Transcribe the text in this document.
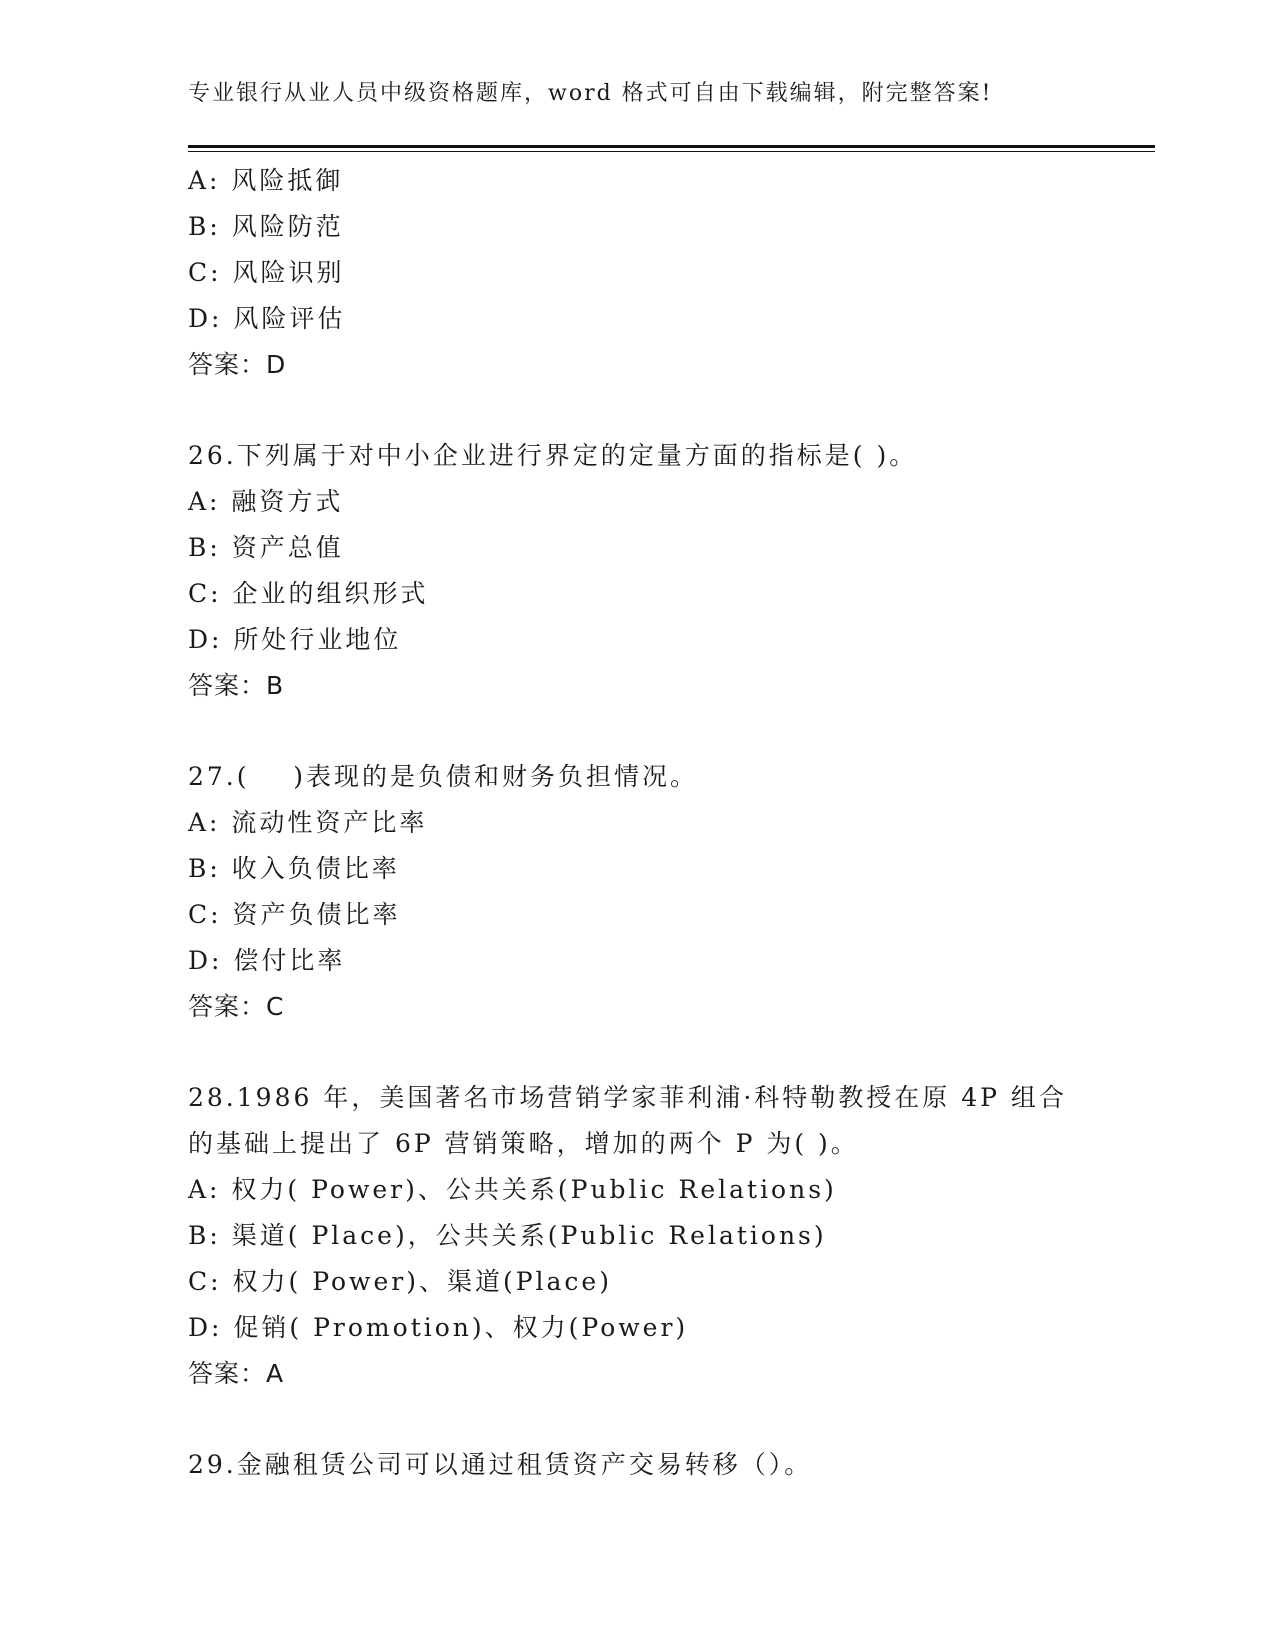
专业银行从业人员中级资格题库，word 格式可自由下载编辑，附完整答案!
A: 风险抵御
B: 风险防范
C: 风险识别
D: 风险评估
答案：D
26.下列属于对中小企业进行界定的定量方面的指标是( )。
A: 融资方式
B: 资产总值
C: 企业的组织形式
D: 所处行业地位
答案：B
27.(    )表现的是负债和财务负担情况。
A: 流动性资产比率
B: 收入负债比率
C: 资产负债比率
D: 偿付比率
答案：C
28.1986 年，美国著名市场营销学家菲利浦·科特勒教授在原 4P 组合
的基础上提出了 6P 营销策略，增加的两个 P 为( )。
A: 权力( Power)、公共关系(Public Relations)
B: 渠道( Place)，公共关系(Public Relations)
C: 权力( Power)、渠道(Place)
D: 促销( Promotion)、权力(Power)
答案：A
29.金融租赁公司可以通过租赁资产交易转移（）。
